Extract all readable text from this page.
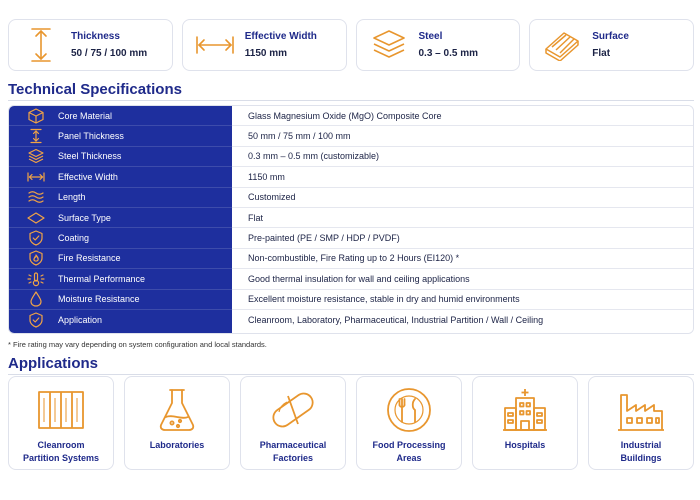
Thickness
50 / 75 / 100 mm
Effective Width
1150 mm
Steel
0.3 – 0.5 mm
Surface
Flat
Technical Specifications
Core Material
Panel Thickness
Steel Thickness
Effective Width
Length
Surface Type
Coating
Fire Resistance
Thermal Performance
Moisture Resistance
Application
Glass Magnesium Oxide (MgO) Composite Core
50 mm / 75 mm / 100 mm
0.3 mm – 0.5 mm (customizable)
1150 mm
Customized
Flat
Pre-painted (PE / SMP / HDP / PVDF)
Non-combustible, Fire Rating up to 2 Hours (EI120) *
Good thermal insulation for wall and ceiling applications
Excellent moisture resistance, stable in dry and humid environments
Cleanroom, Laboratory, Pharmaceutical, Industrial Partition / Wall / Ceiling
* Fire rating may vary depending on system configuration and local standards.
Applications
Cleanroom
Partition Systems
Laboratories	Pharmaceutical
Factories
Food Processing
Areas
Hospitals	Industrial
Buildings
